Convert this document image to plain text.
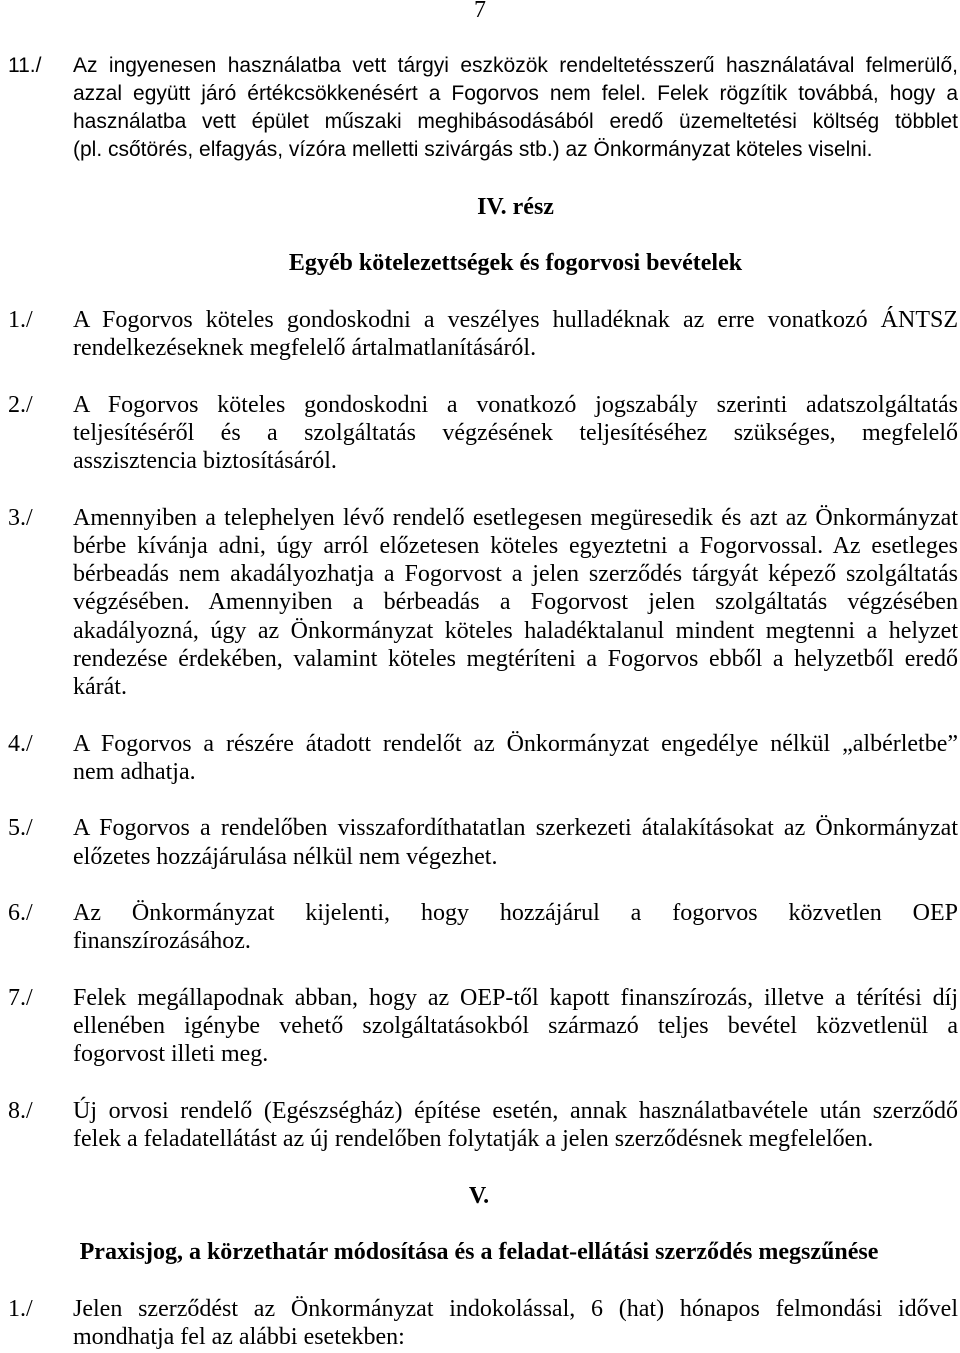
7
11./ Az ingyenesen használatba vett tárgyi eszközök rendeltetésszerű használatával felmerülő,
azzal együtt járó értékcsökkenésért a Fogorvos nem felel. Felek rögzítik továbbá, hogy a
használatba vett épület műszaki meghibásodásából eredő üzemeltetési költség többlet
(pl. csőtörés, elfagyás, vízóra melletti szivárgás stb.) az Önkormányzat köteles viselni.
IV. rész
Egyéb kötelezettségek és fogorvosi bevételek
1./ A Fogorvos köteles gondoskodni a veszélyes hulladéknak az erre vonatkozó ÁNTSZ
rendelkezéseknek megfelelő ártalmatlanításáról.
2./ A Fogorvos köteles gondoskodni a vonatkozó jogszabály szerinti adatszolgáltatás
teljesítéséről és a szolgáltatás végzésének teljesítéséhez szükséges, megfelelő
asszisztencia biztosításáról.
3./ Amennyiben a telephelyen lévő rendelő esetlegesen megüresedik és azt az Önkormányzat
bérbe kívánja adni, úgy arról előzetesen köteles egyeztetni a Fogorvossal. Az esetleges
bérbeadás nem akadályozhatja a Fogorvost a jelen szerződés tárgyát képező szolgáltatás
végzésében. Amennyiben a bérbeadás a Fogorvost jelen szolgáltatás végzésében
akadályozná, úgy az Önkormányzat köteles haladéktalanul mindent megtenni a helyzet
rendezése érdekében, valamint köteles megtéríteni a Fogorvos ebből a helyzetből eredő
kárát.
4./ A Fogorvos a részére átadott rendelőt az Önkormányzat engedélye nélkül „albérletbe”
nem adhatja.
5./ A Fogorvos a rendelőben visszafordíthatatlan szerkezeti átalakításokat az Önkormányzat
előzetes hozzájárulása nélkül nem végezhet.
6./ Az Önkormányzat kijelenti, hogy hozzájárul a fogorvos közvetlen OEP
finanszírozásához.
7./ Felek megállapodnak abban, hogy az OEP-től kapott finanszírozás, illetve a térítési díj
ellenében igénybe vehető szolgáltatásokból származó teljes bevétel közvetlenül a
fogorvost illeti meg.
8./ Új orvosi rendelő (Egészségház) építése esetén, annak használatbavétele után szerződő
felek a feladatellátást az új rendelőben folytatják a jelen szerződésnek megfelelően.
V.
Praxisjog, a körzethatár módosítása és a feladat-ellátási szerződés megszűnése
1./ Jelen szerződést az Önkormányzat indokolással, 6 (hat) hónapos felmondási idővel
mondhatja fel az alábbi esetekben:
